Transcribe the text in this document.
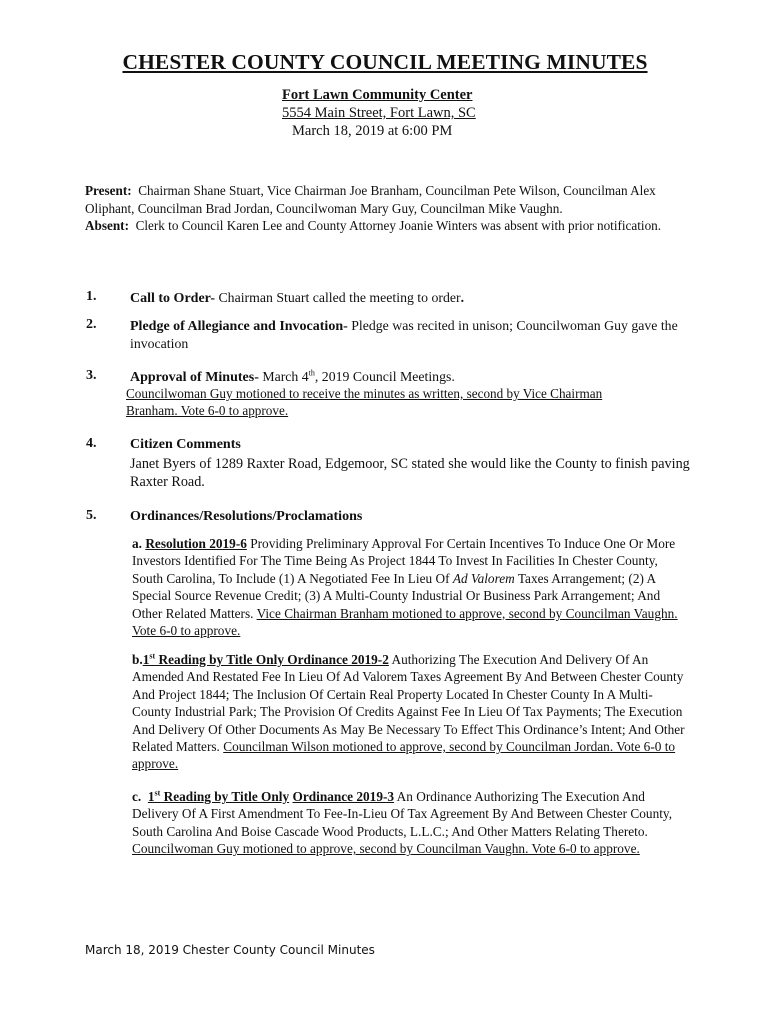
CHESTER COUNTY COUNCIL MEETING MINUTES
Fort Lawn Community Center
5554 Main Street, Fort Lawn, SC
March 18, 2019 at 6:00 PM
Present: Chairman Shane Stuart, Vice Chairman Joe Branham, Councilman Pete Wilson, Councilman Alex Oliphant, Councilman Brad Jordan, Councilwoman Mary Guy, Councilman Mike Vaughn.
Absent: Clerk to Council Karen Lee and County Attorney Joanie Winters was absent with prior notification.
1. Call to Order- Chairman Stuart called the meeting to order.
2. Pledge of Allegiance and Invocation- Pledge was recited in unison; Councilwoman Guy gave the invocation
3. Approval of Minutes- March 4th, 2019 Council Meetings.
Councilwoman Guy motioned to receive the minutes as written, second by Vice Chairman
Branham. Vote 6-0 to approve.
4. Citizen Comments
Janet Byers of 1289 Raxter Road, Edgemoor, SC stated she would like the County to finish paving Raxter Road.
5. Ordinances/Resolutions/Proclamations
a. Resolution 2019-6 Providing Preliminary Approval For Certain Incentives To Induce One Or More Investors Identified For The Time Being As Project 1844 To Invest In Facilities In Chester County, South Carolina, To Include (1) A Negotiated Fee In Lieu Of Ad Valorem Taxes Arrangement; (2) A Special Source Revenue Credit; (3) A Multi-County Industrial Or Business Park Arrangement; And Other Related Matters. Vice Chairman Branham motioned to approve, second by Councilman Vaughn. Vote 6-0 to approve.
b.1st Reading by Title Only Ordinance 2019-2 Authorizing The Execution And Delivery Of An Amended And Restated Fee In Lieu Of Ad Valorem Taxes Agreement By And Between Chester County And Project 1844; The Inclusion Of Certain Real Property Located In Chester County In A Multi-County Industrial Park; The Provision Of Credits Against Fee In Lieu Of Tax Payments; The Execution And Delivery Of Other Documents As May Be Necessary To Effect This Ordinance’s Intent; And Other Related Matters. Councilman Wilson motioned to approve, second by Councilman Jordan. Vote 6-0 to approve.
c. 1st Reading by Title Only Ordinance 2019-3 An Ordinance Authorizing The Execution And Delivery Of A First Amendment To Fee-In-Lieu Of Tax Agreement By And Between Chester County, South Carolina And Boise Cascade Wood Products, L.L.C.; And Other Matters Relating Thereto. Councilwoman Guy motioned to approve, second by Councilman Vaughn. Vote 6-0 to approve.
March 18, 2019 Chester County Council Minutes
